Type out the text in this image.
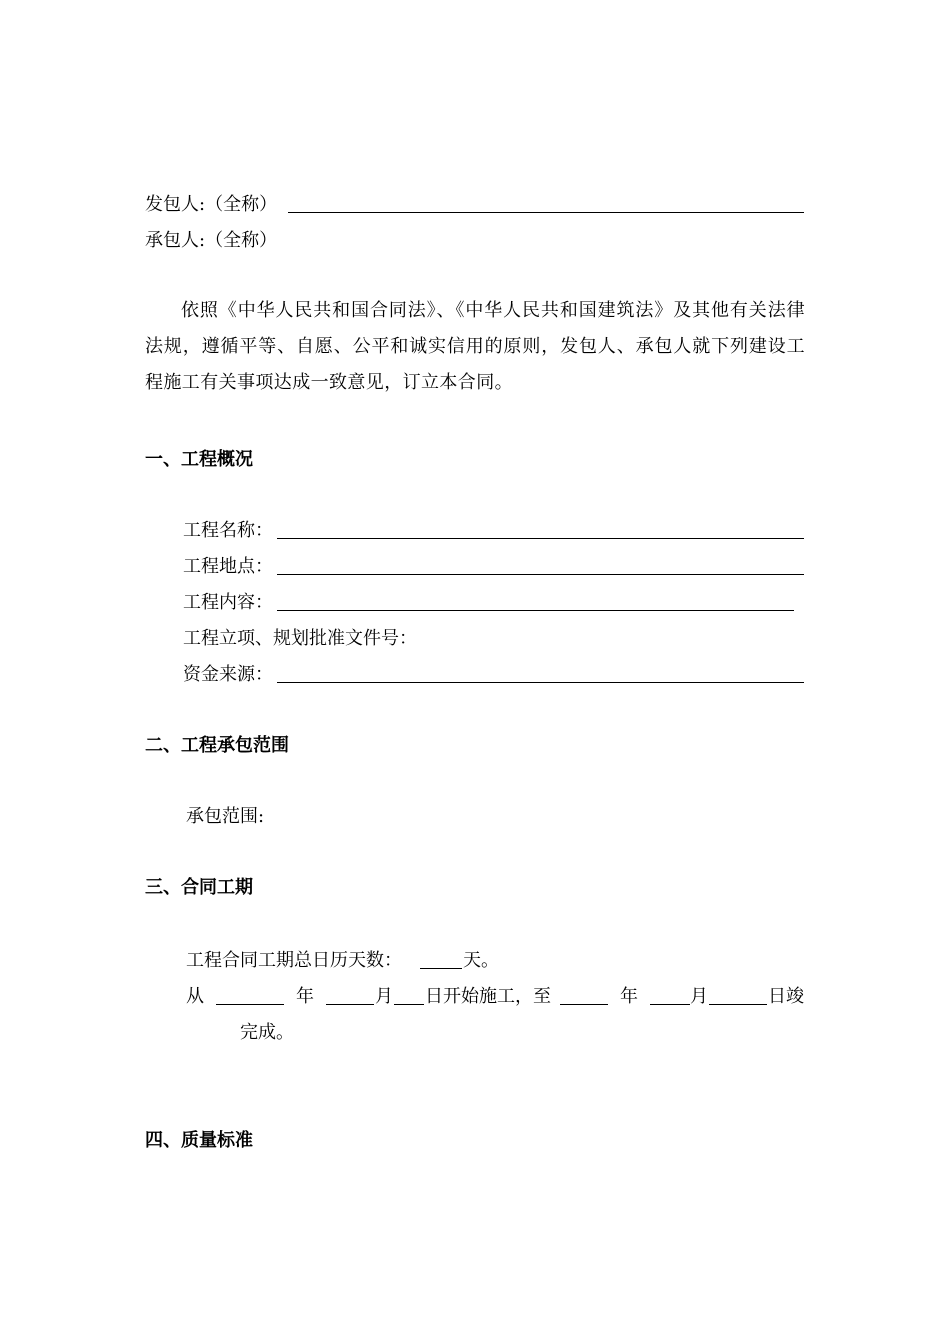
发包人:（全称）
承包人:（全称）
依照《中华人民共和国合同法》、《中华人民共和国建筑法》及其他有关法律法规，遵循平等、自愿、公平和诚实信用的原则，发包人、承包人就下列建设工程施工有关事项达成一致意见，订立本合同。
一、工程概况
工程名称：
工程地点：
工程内容：
工程立项、规划批准文件号：
资金来源：
二、工程承包范围
承包范围:
三、合同工期
工程合同工期总日历天数：	天。
从	年	月 日开始施工，至	年	月	日竣
完成。
四、质量标准
